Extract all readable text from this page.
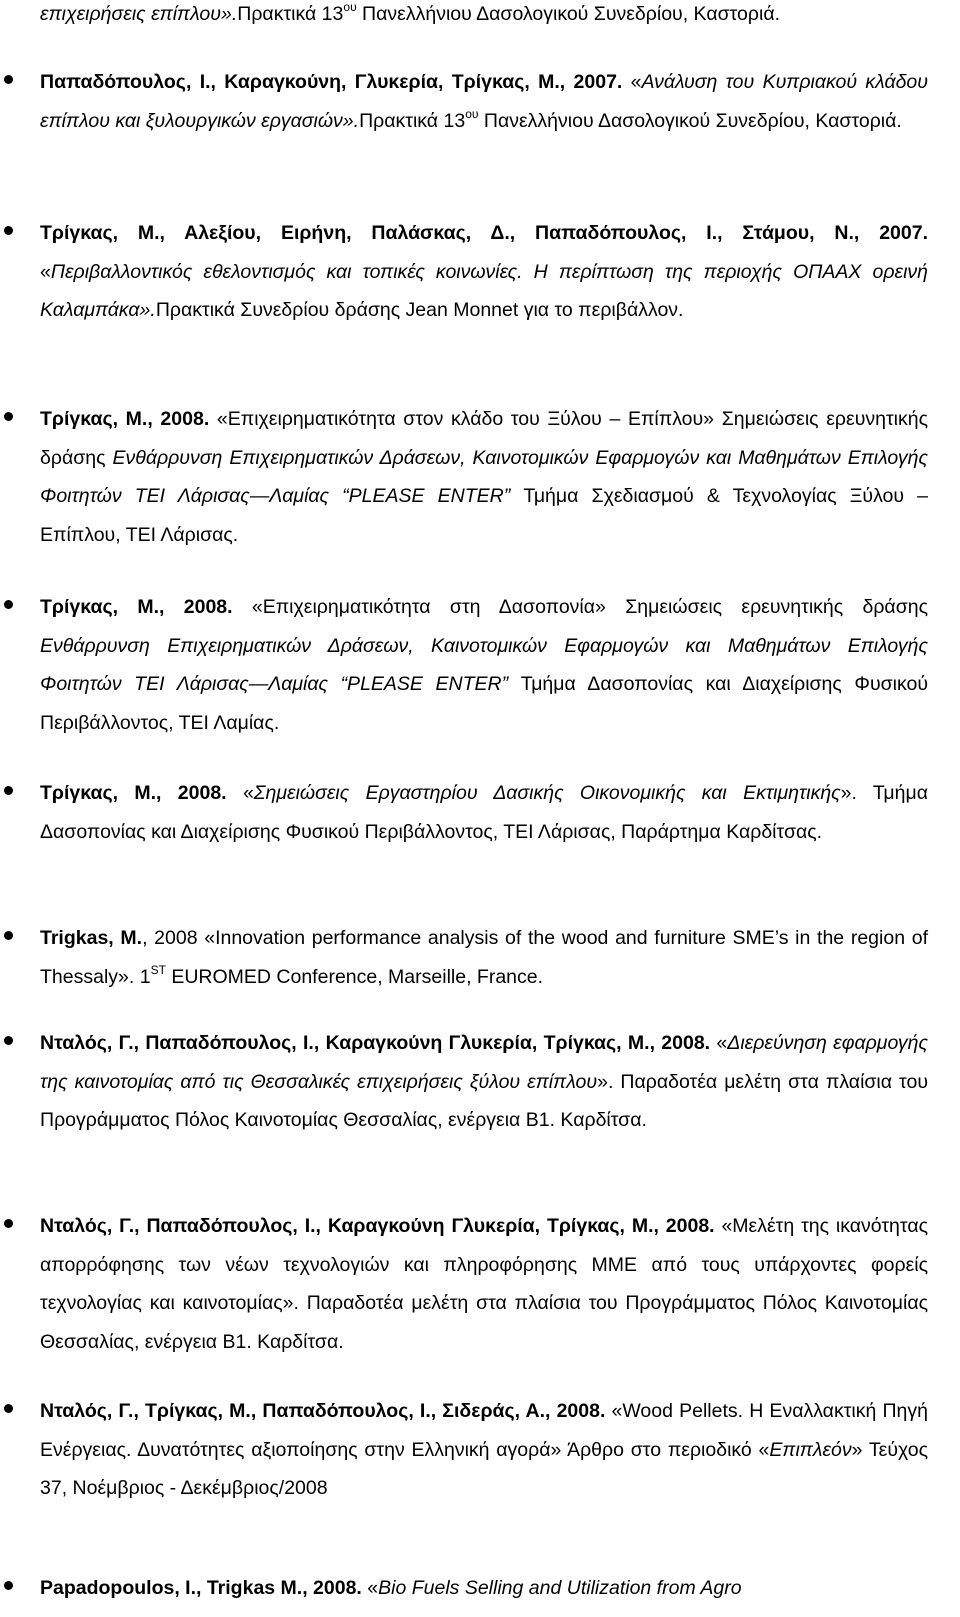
επιχειρήσεις επίπλου».Πρακτικά $13^{o\upsilon}$ Πανελλήνιου Δασολογικού Συνεδρίου, Καστοριά.
Παπαδόπουλος, Ι., Καραγκούνη, Γλυκερία, Τρίγκας, Μ., 2007. «Ανάλυση του Κυπριακού κλάδου επίπλου και ξυλουργικών εργασιών».Πρακτικά $13^{o\upsilon}$ Πανελλήνιου Δασολογικού Συνεδρίου, Καστοριά.
Τρίγκας, Μ., Αλεξίου, Ειρήνη, Παλάσκας, Δ., Παπαδόπουλος, Ι., Στάμου, Ν., 2007. «Περιβαλλοντικός εθελοντισμός και τοπικές κοινωνίες. Η περίπτωση της περιοχής ΟΠΑΑΧ ορεινή Καλαμπάκα».Πρακτικά Συνεδρίου δράσης Jean Monnet για το περιβάλλον.
Τρίγκας, Μ., 2008. «Επιχειρηματικότητα στον κλάδο του Ξύλου – Επίπλου» Σημειώσεις ερευνητικής δράσης Ενθάρρυνση Επιχειρηματικών Δράσεων, Καινοτομικών Εφαρμογών και Μαθημάτων Επιλογής Φοιτητών ΤΕΙ Λάρισας—Λαμίας “PLEASE ENTER” Τμήμα Σχεδιασμού & Τεχνολογίας Ξύλου – Επίπλου, ΤΕΙ Λάρισας.
Τρίγκας, Μ., 2008. «Επιχειρηματικότητα στη Δασοπονία» Σημειώσεις ερευνητικής δράσης Ενθάρρυνση Επιχειρηματικών Δράσεων, Καινοτομικών Εφαρμογών και Μαθημάτων Επιλογής Φοιτητών ΤΕΙ Λάρισας—Λαμίας “PLEASE ENTER” Τμήμα Δασοπονίας και Διαχείρισης Φυσικού Περιβάλλοντος, ΤΕΙ Λαμίας.
Τρίγκας, Μ., 2008. «Σημειώσεις Εργαστηρίου Δασικής Οικονομικής και Εκτιμητικής». Τμήμα Δασοπονίας και Διαχείρισης Φυσικού Περιβάλλοντος, ΤΕΙ Λάρισας, Παράρτημα Καρδίτσας.
Trigkas, M., 2008 «Innovation performance analysis of the wood and furniture SME’s in the region of Thessaly». 1ST EUROMED Conference, Marseille, France.
Νταλός, Γ., Παπαδόπουλος, Ι., Καραγκούνη Γλυκερία, Τρίγκας, Μ., 2008. «Διερεύνηση εφαρμογής της καινοτομίας από τις Θεσσαλικές επιχειρήσεις ξύλου επίπλου». Παραδοτέα μελέτη στα πλαίσια του Προγράμματος Πόλος Καινοτομίας Θεσσαλίας, ενέργεια Β1. Καρδίτσα.
Νταλός, Γ., Παπαδόπουλος, Ι., Καραγκούνη Γλυκερία, Τρίγκας, Μ., 2008. «Μελέτη της ικανότητας απορρόφησης των νέων τεχνολογιών και πληροφόρησης ΜΜΕ από τους υπάρχοντες φορείς τεχνολογίας και καινοτομίας». Παραδοτέα μελέτη στα πλαίσια του Προγράμματος Πόλος Καινοτομίας Θεσσαλίας, ενέργεια Β1. Καρδίτσα.
Νταλός, Γ., Τρίγκας, Μ., Παπαδόπουλος, Ι., Σιδεράς, Α., 2008. «Wood Pellets. Η Εναλλακτική Πηγή Ενέργειας. Δυνατότητες αξιοποίησης στην Ελληνική αγορά» Άρθρο στο περιοδικό «Επιπλεόν» Τεύχος 37, Νοέμβριος - Δεκέμβριος/2008
Papadopoulos, I., Trigkas M., 2008. «Bio Fuels Selling and Utilization from Agro
